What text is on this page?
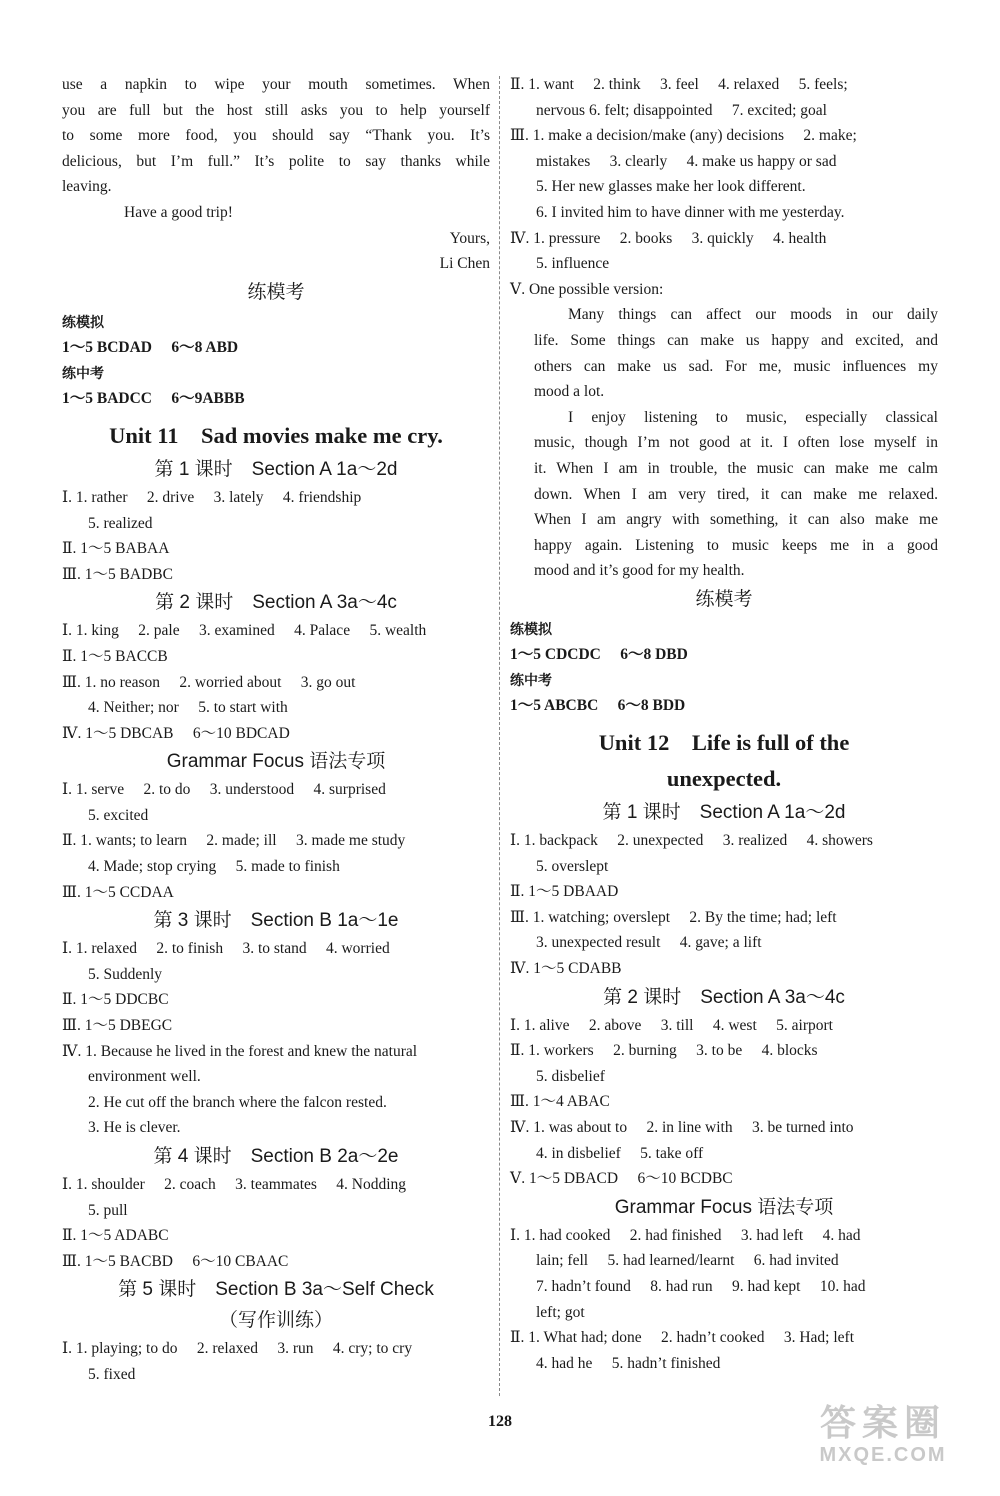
use a napkin to wipe your mouth sometimes. When
you are full but the host still asks you to help yourself
to some more food, you should say “Thank you. It’s
delicious, but I’m full.” It’s polite to say thanks while
leaving.
Have a good trip!
Yours,
Li Chen
练模考
练模拟
1～5 BCDAD　 6～8 ABD
练中考
1～5 BADCC　 6～9ABBB
Unit 11　Sad movies make me cry.
第 1 课时　Section A 1a～2d
Ⅰ. 1. rather　 2. drive　 3. lately　 4. friendship
5. realized
Ⅱ. 1～5 BABAA
Ⅲ. 1～5 BADBC
第 2 课时　Section A 3a～4c
Ⅰ. 1. king　 2. pale　 3. examined　 4. Palace　 5. wealth
Ⅱ. 1～5 BACCB
Ⅲ. 1. no reason　 2. worried about　 3. go out
4. Neither; nor　 5. to start with
Ⅳ. 1～5 DBCAB　 6～10 BDCAD
Grammar Focus 语法专项
Ⅰ. 1. serve　 2. to do　 3. understood　 4. surprised
5. excited
Ⅱ. 1. wants; to learn　 2. made; ill　 3. made me study
4. Made; stop crying　 5. made to finish
Ⅲ. 1～5 CCDAA
第 3 课时　Section B 1a～1e
Ⅰ. 1. relaxed　 2. to finish　 3. to stand　 4. worried
5. Suddenly
Ⅱ. 1～5 DDCBC
Ⅲ. 1～5 DBEGC
Ⅳ. 1. Because he lived in the forest and knew the natural
environment well.
2. He cut off the branch where the falcon rested.
3. He is clever.
第 4 课时　Section B 2a～2e
Ⅰ. 1. shoulder　 2. coach　 3. teammates　 4. Nodding
5. pull
Ⅱ. 1～5 ADABC
Ⅲ. 1～5 BACBD　 6～10 CBAAC
第 5 课时　Section B 3a～Self Check
（写作训练）
Ⅰ. 1. playing; to do　 2. relaxed　 3. run　 4. cry; to cry
5. fixed
Ⅱ. 1. want　 2. think　 3. feel　 4. relaxed　 5. feels;
nervous 6. felt; disappointed　 7. excited; goal
Ⅲ. 1. make a decision/make (any) decisions　 2. make;
mistakes　 3. clearly　 4. make us happy or sad
5. Her new glasses make her look different.
6. I invited him to have dinner with me yesterday.
Ⅳ. 1. pressure　 2. books　 3. quickly　 4. health
5. influence
Ⅴ. One possible version:
Many things can affect our moods in our daily
life. Some things can make us happy and excited, and
others can make us sad. For me, music influences my
mood a lot.
I enjoy listening to music, especially classical
music, though I’m not good at it. I often lose myself in
it. When I am in trouble, the music can make me calm
down. When I am very tired, it can make me relaxed.
When I am angry with something, it can also make me
happy again. Listening to music keeps me in a good
mood and it’s good for my health.
练模考
练模拟
1～5 CDCDC　 6～8 DBD
练中考
1～5 ABCBC　 6～8 BDD
Unit 12　Life is full of the
unexpected.
第 1 课时　Section A 1a～2d
Ⅰ. 1. backpack　 2. unexpected　 3. realized　 4. showers
5. overslept
Ⅱ. 1～5 DBAAD
Ⅲ. 1. watching; overslept　 2. By the time; had; left
3. unexpected result　 4. gave; a lift
Ⅳ. 1～5 CDABB
第 2 课时　Section A 3a～4c
Ⅰ. 1. alive　 2. above　 3. till　 4. west　 5. airport
Ⅱ. 1. workers　 2. burning　 3. to be　 4. blocks
5. disbelief
Ⅲ. 1～4 ABAC
Ⅳ. 1. was about to　 2. in line with　 3. be turned into
4. in disbelief　 5. take off
Ⅴ. 1～5 DBACD　 6～10 BCDBC
Grammar Focus 语法专项
Ⅰ. 1. had cooked　 2. had finished　 3. had left　 4. had
lain; fell　 5. had learned/learnt　 6. had invited
7. hadn’t found　 8. had run　 9. had kept　 10. had
left; got
Ⅱ. 1. What had; done　 2. hadn’t cooked　 3. Had; left
4. had he　 5. hadn’t finished
128	答案圈
MXQE.COM
